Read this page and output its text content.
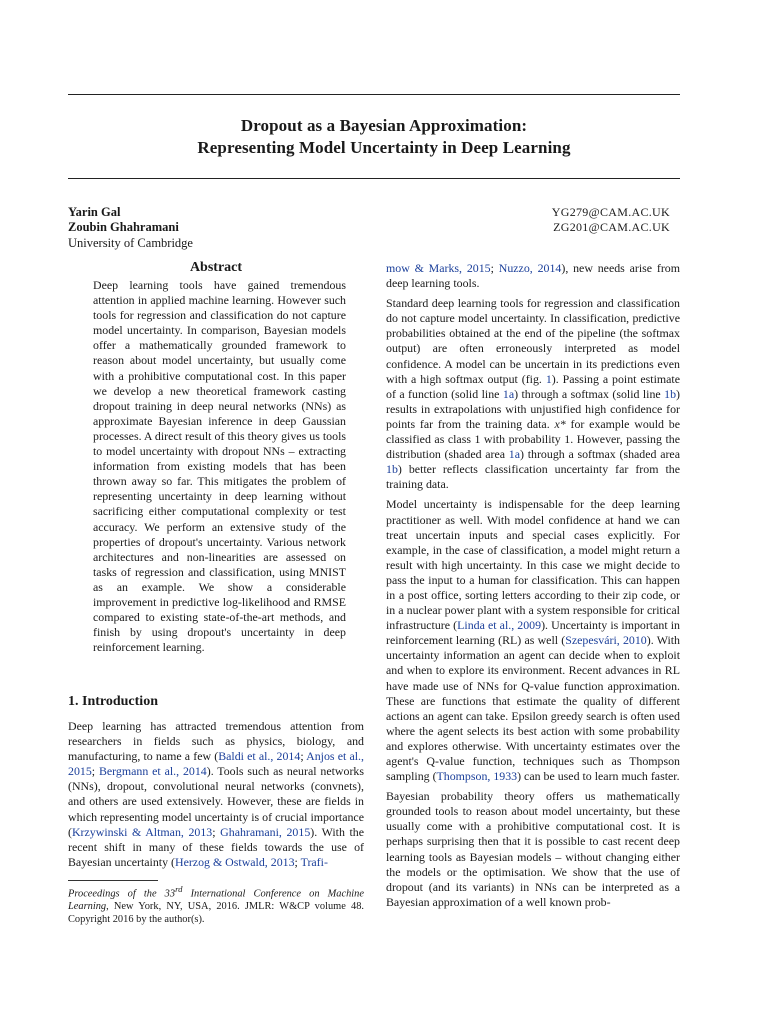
Dropout as a Bayesian Approximation:
Representing Model Uncertainty in Deep Learning
Yarin Gal
Zoubin Ghahramani
University of Cambridge
YG279@CAM.AC.UK
ZG201@CAM.AC.UK
Abstract

Deep learning tools have gained tremendous attention in applied machine learning. However such tools for regression and classification do not capture model uncertainty. In comparison, Bayesian models offer a mathematically grounded framework to reason about model uncertainty, but usually come with a prohibitive computational cost. In this paper we develop a new theoretical framework casting dropout training in deep neural networks (NNs) as approximate Bayesian inference in deep Gaussian processes. A direct result of this theory gives us tools to model uncertainty with dropout NNs – extracting information from existing models that has been thrown away so far. This mitigates the problem of representing uncertainty in deep learning without sacrificing either computational complexity or test accuracy. We perform an extensive study of the properties of dropout's uncertainty. Various network architectures and non-linearities are assessed on tasks of regression and classification, using MNIST as an example. We show a considerable improvement in predictive log-likelihood and RMSE compared to existing state-of-the-art methods, and finish by using dropout's uncertainty in deep reinforcement learning.

1. Introduction

Deep learning has attracted tremendous attention from researchers in fields such as physics, biology, and manufacturing, to name a few (Baldi et al., 2014; Anjos et al., 2015; Bergmann et al., 2014). Tools such as neural networks (NNs), dropout, convolutional neural networks (convnets), and others are used extensively. However, these are fields in which representing model uncertainty is of crucial importance (Krzywinski & Altman, 2013; Ghahramani, 2015). With the recent shift in many of these fields towards the use of Bayesian uncertainty (Herzog & Ostwald, 2013; Trafi-

Proceedings of the 33rd International Conference on Machine Learning, New York, NY, USA, 2016. JMLR: W&CP volume 48. Copyright 2016 by the author(s).

mow & Marks, 2015; Nuzzo, 2014), new needs arise from deep learning tools.

Standard deep learning tools for regression and classification do not capture model uncertainty. In classification, predictive probabilities obtained at the end of the pipeline (the softmax output) are often erroneously interpreted as model confidence. A model can be uncertain in its predictions even with a high softmax output (fig. 1). Passing a point estimate of a function (solid line 1a) through a softmax (solid line 1b) results in extrapolations with unjustified high confidence for points far from the training data. x* for example would be classified as class 1 with probability 1. However, passing the distribution (shaded area 1a) through a softmax (shaded area 1b) better reflects classification uncertainty far from the training data.

Model uncertainty is indispensable for the deep learning practitioner as well. With model confidence at hand we can treat uncertain inputs and special cases explicitly. For example, in the case of classification, a model might return a result with high uncertainty. In this case we might decide to pass the input to a human for classification. This can happen in a post office, sorting letters according to their zip code, or in a nuclear power plant with a system responsible for critical infrastructure (Linda et al., 2009). Uncertainty is important in reinforcement learning (RL) as well (Szepesvári, 2010). With uncertainty information an agent can decide when to exploit and when to explore its environment. Recent advances in RL have made use of NNs for Q-value function approximation. These are functions that estimate the quality of different actions an agent can take. Epsilon greedy search is often used where the agent selects its best action with some probability and explores otherwise. With uncertainty estimates over the agent's Q-value function, techniques such as Thompson sampling (Thompson, 1933) can be used to learn much faster.

Bayesian probability theory offers us mathematically grounded tools to reason about model uncertainty, but these usually come with a prohibitive computational cost. It is perhaps surprising then that it is possible to cast recent deep learning tools as Bayesian models – without changing either the models or the optimisation. We show that the use of dropout (and its variants) in NNs can be interpreted as a Bayesian approximation of a well known prob-
